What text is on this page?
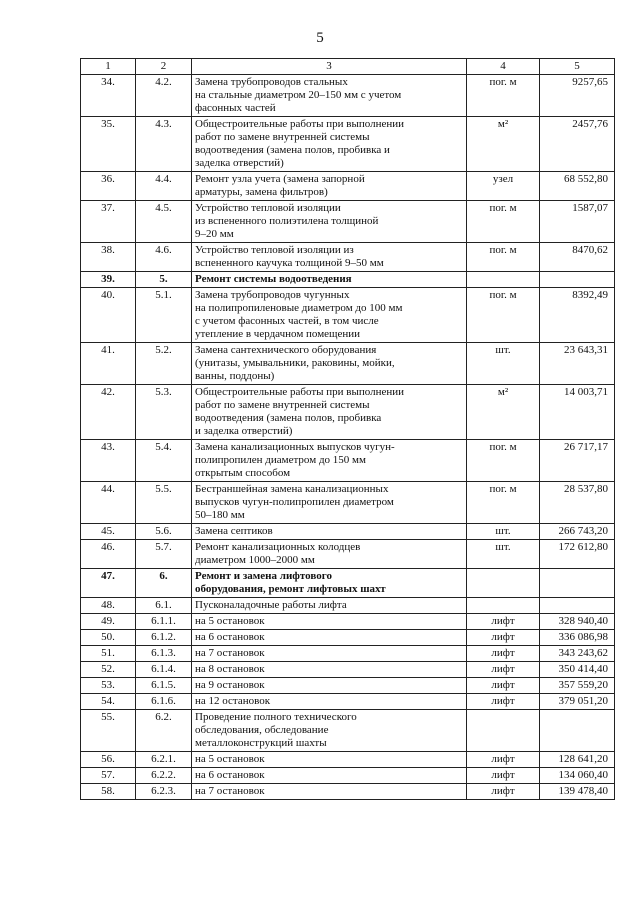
5
1	2	3	4	5
34.	4.2.	Замена трубопроводов стальных
на стальные диаметром 20–150 мм с учетом
фасонных частей	пог. м	9257,65
35.	4.3.	Общестроительные работы при выполнении
работ по замене внутренней системы
водоотведения (замена полов, пробивка и
заделка отверстий)	м²	2457,76
36.	4.4.	Ремонт узла учета (замена запорной
арматуры, замена фильтров)	узел	68 552,80
37.	4.5.	Устройство тепловой изоляции
из вспененного полиэтилена толщиной
9–20 мм	пог. м	1587,07
38.	4.6.	Устройство тепловой изоляции из
вспененного каучука толщиной 9–50 мм	пог. м	8470,62
39.	5.	Ремонт системы водоотведения		
40.	5.1.	Замена трубопроводов чугунных
на полипропиленовые диаметром до 100 мм
с учетом фасонных частей, в том числе
утепление в чердачном помещении	пог. м	8392,49
41.	5.2.	Замена сантехнического оборудования
(унитазы, умывальники, раковины, мойки,
ванны, поддоны)	шт.	23 643,31
42.	5.3.	Общестроительные работы при выполнении
работ по замене внутренней системы
водоотведения (замена полов, пробивка
и заделка отверстий)	м²	14 003,71
43.	5.4.	Замена канализационных выпусков чугун-
полипропилен диаметром до 150 мм
открытым способом	пог. м	26 717,17
44.	5.5.	Бестраншейная замена канализационных
выпусков чугун-полипропилен диаметром
50–180 мм	пог. м	28 537,80
45.	5.6.	Замена септиков	шт.	266 743,20
46.	5.7.	Ремонт канализационных колодцев
диаметром 1000–2000 мм	шт.	172 612,80
47.	6.	Ремонт и замена лифтового
оборудования, ремонт лифтовых шахт		
48.	6.1.	Пусконаладочные работы лифта		
49.	6.1.1.	на 5 остановок	лифт	328 940,40
50.	6.1.2.	на 6 остановок	лифт	336 086,98
51.	6.1.3.	на 7 остановок	лифт	343 243,62
52.	6.1.4.	на 8 остановок	лифт	350 414,40
53.	6.1.5.	на 9 остановок	лифт	357 559,20
54.	6.1.6.	на 12 остановок	лифт	379 051,20
55.	6.2.	Проведение полного технического
обследования, обследование
металлоконструкций шахты		
56.	6.2.1.	на 5 остановок	лифт	128 641,20
57.	6.2.2.	на 6 остановок	лифт	134 060,40
58.	6.2.3.	на 7 остановок	лифт	139 478,40
